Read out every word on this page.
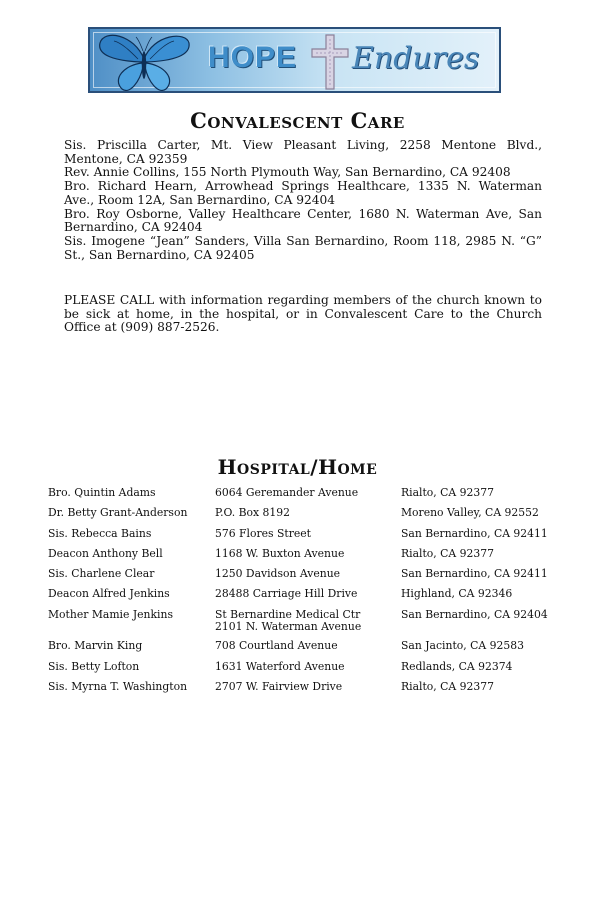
HOPE Endures
Convalescent Care

Sis. Priscilla Carter, Mt. View Pleasant Living, 2258 Mentone Blvd., Mentone, CA 92359

Rev. Annie Collins, 155 North Plymouth Way, San Bernardino, CA 92408

Bro. Richard Hearn, Arrowhead Springs Healthcare, 1335 N. Waterman Ave., Room 12A, San Bernardino, CA 92404

Bro. Roy Osborne, Valley Healthcare Center, 1680 N. Waterman Ave, San Bernardino, CA 92404

Sis. Imogene “Jean” Sanders, Villa San Bernardino, Room 118, 2985 N. “G” St., San Bernardino, CA 92405

PLEASE CALL with information regarding members of the church known to be sick at home, in the hospital, or in Convalescent Care to the Church Office at (909) 887-2526.

Hospital/Home
Bro. Quintin Adams	6064 Geremander Avenue	Rialto, CA 92377
Dr. Betty Grant-Anderson	P.O. Box 8192	Moreno Valley, CA 92552
Sis. Rebecca Bains	576 Flores Street	San Bernardino, CA 92411
Deacon Anthony Bell	1168 W. Buxton Avenue	Rialto, CA 92377
Sis. Charlene Clear	1250 Davidson Avenue	San Bernardino, CA 92411
Deacon Alfred Jenkins	28488 Carriage Hill Drive	Highland, CA 92346
Mother Mamie Jenkins	St Bernardine Medical Ctr
2101 N. Waterman Avenue	San Bernardino, CA 92404
Bro. Marvin King	708 Courtland Avenue	San Jacinto, CA 92583
Sis. Betty Lofton	1631 Waterford Avenue	Redlands, CA 92374
Sis. Myrna T. Washington	2707 W. Fairview Drive	Rialto, CA 92377
